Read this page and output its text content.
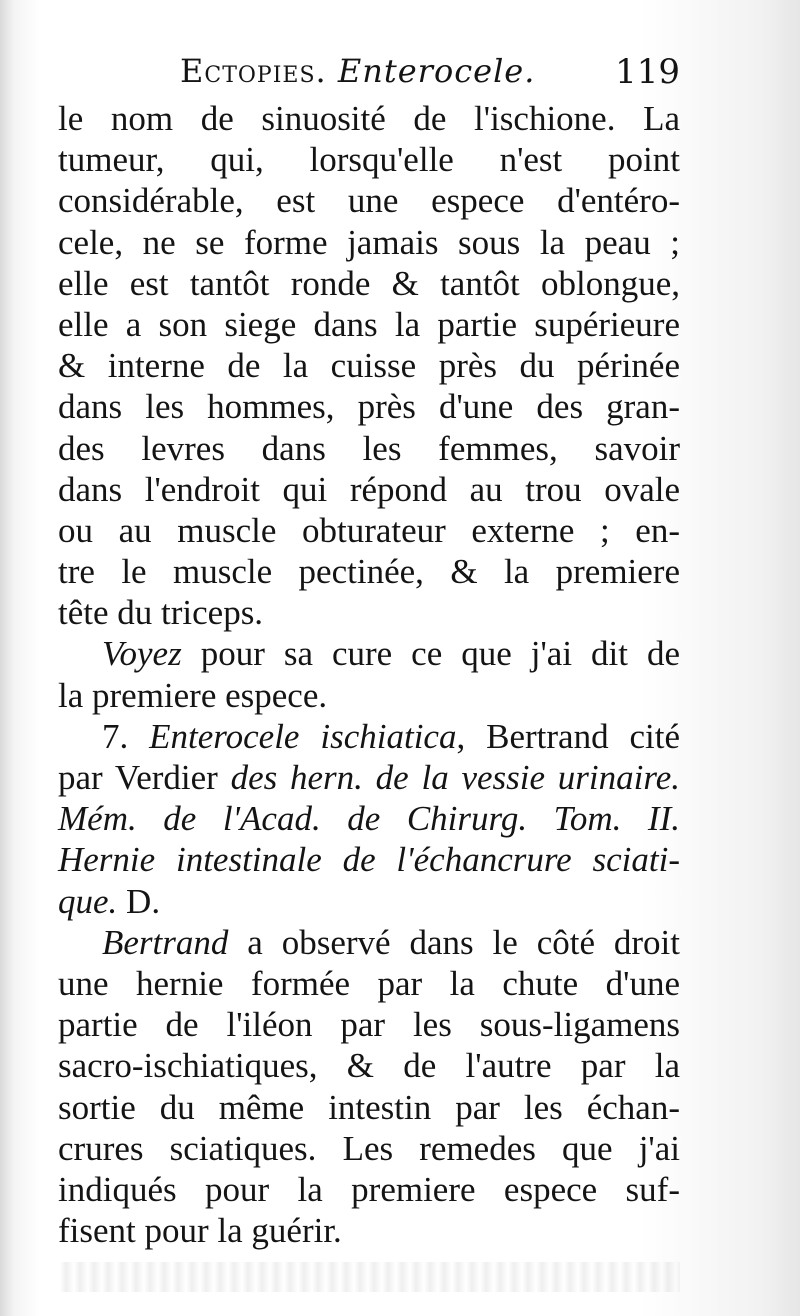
Ectopies. Enterocele. 119
le nom de sinuosité de l'ischione. La
tumeur, qui, lorsqu'elle n'est point
considérable, est une espece d'entéro-
cele, ne se forme jamais sous la peau ;
elle est tantôt ronde & tantôt oblongue,
elle a son siege dans la partie supérieure
& interne de la cuisse près du périnée
dans les hommes, près d'une des gran-
des levres dans les femmes, savoir
dans l'endroit qui répond au trou ovale
ou au muscle obturateur externe ; en-
tre le muscle pectinée, & la premiere
tête du triceps.
Voyez pour sa cure ce que j'ai dit de
la premiere espece.
7. Enterocele ischiatica, Bertrand cité
par Verdier des hern. de la vessie urinaire.
Mém. de l'Acad. de Chirurg. Tom. II.
Hernie intestinale de l'échancrure sciati-
que. D.
Bertrand a observé dans le côté droit
une hernie formée par la chute d'une
partie de l'iléon par les sous-ligamens
sacro-ischiatiques, & de l'autre par la
sortie du même intestin par les échan-
crures sciatiques. Les remedes que j'ai
indiqués pour la premiere espece suf-
fisent pour la guérir.
